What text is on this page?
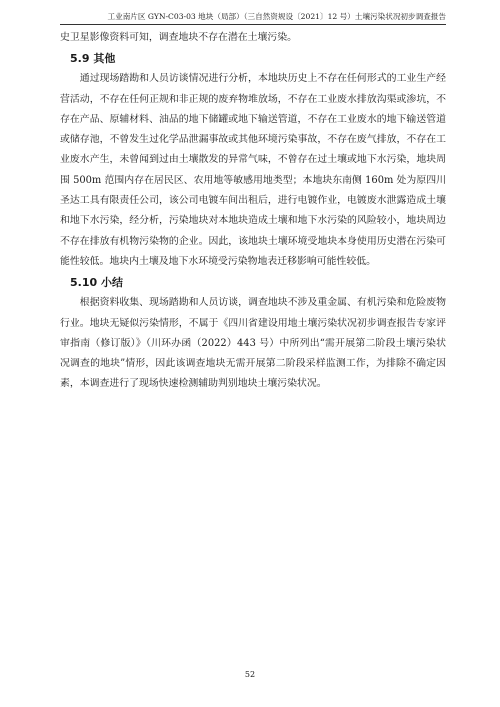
工业南片区 GYN-C03-03 地块（局部）（三自然资规设〔2021〕12 号）土壤污染状况初步调查报告

史卫星影像资料可知，调查地块不存在潜在土壤污染。

5.9 其他

通过现场踏勘和人员访谈情况进行分析，本地块历史上不存在任何形式的工业生产经营活动，不存在任何正规和非正规的废弃物堆放场，不存在工业废水排放沟渠或渗坑，不存在产品、原辅材料、油品的地下储罐或地下输送管道，不存在工业废水的地下输送管道或储存池，不曾发生过化学品泄漏事故或其他环境污染事故，不存在废气排放，不存在工业废水产生，未曾闻到过由土壤散发的异常气味，不曾存在过土壤或地下水污染，地块周围 500m 范围内存在居民区、农用地等敏感用地类型；本地块东南侧 160m 处为原四川圣达工具有限责任公司，该公司电镀车间出租后，进行电镀作业，电镀废水泄露造成土壤和地下水污染，经分析，污染地块对本地块造成土壤和地下水污染的风险较小，地块周边不存在排放有机物污染物的企业。因此，该地块土壤环境受地块本身使用历史潜在污染可能性较低。地块内土壤及地下水环境受污染物地表迁移影响可能性较低。

5.10 小结

根据资料收集、现场踏勘和人员访谈，调查地块不涉及重金属、有机污染和危险废物行业。地块无疑似污染情形，不属于《四川省建设用地土壤污染状况初步调查报告专家评审指南（修订版）》（川环办函（2022）443 号）中所列出“需开展第二阶段土壤污染状况调查的地块”情形，因此该调查地块无需开展第二阶段采样监测工作，为排除不确定因素，本调查进行了现场快速检测辅助判别地块土壤污染状况。

52
